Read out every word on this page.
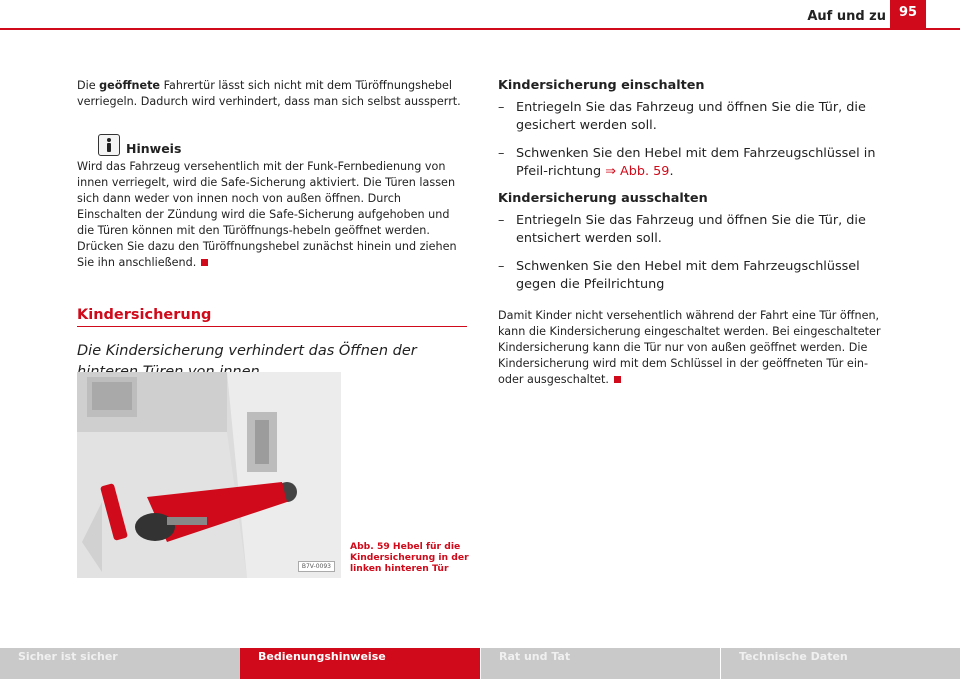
Auf und zu 95

Die geöffnete Fahrertür lässt sich nicht mit dem Türöffnungshebel verriegeln. Dadurch wird verhindert, dass man sich selbst aussperrt.

Hinweis

Wird das Fahrzeug versehentlich mit der Funk-Fernbedienung von innen verriegelt, wird die Safe-Sicherung aktiviert. Die Türen lassen sich dann weder von innen noch von außen öffnen. Durch Einschalten der Zündung wird die Safe-Sicherung aufgehoben und die Türen können mit den Türöffnungs-hebeln geöffnet werden. Drücken Sie dazu den Türöffnungshebel zunächst hinein und ziehen Sie ihn anschließend.

Kindersicherung
Die Kindersicherung verhindert das Öffnen der
B7V-0093
Abb. 59 Hebel für die Kindersicherung in der linken hinteren Tür

Kindersicherung einschalten

– Entriegeln Sie das Fahrzeug und öffnen Sie die Tür, die gesichert werden soll.
– Schwenken Sie den Hebel mit dem Fahrzeugschlüssel in Pfeil-richtung ⇒ Abb. 59.

Kindersicherung ausschalten

– Entriegeln Sie das Fahrzeug und öffnen Sie die Tür, die entsichert werden soll.
– Schwenken Sie den Hebel mit dem Fahrzeugschlüssel gegen die Pfeilrichtung

Damit Kinder nicht versehentlich während der Fahrt eine Tür öffnen, kann die Kindersicherung eingeschaltet werden. Bei eingeschalteter Kindersicherung kann die Tür nur von außen geöffnet werden. Die Kindersicherung wird mit dem Schlüssel in der geöffneten Tür ein- oder ausgeschaltet.

Sicher ist sicher	Bedienungshinweise	Rat und Tat	Technische Daten
